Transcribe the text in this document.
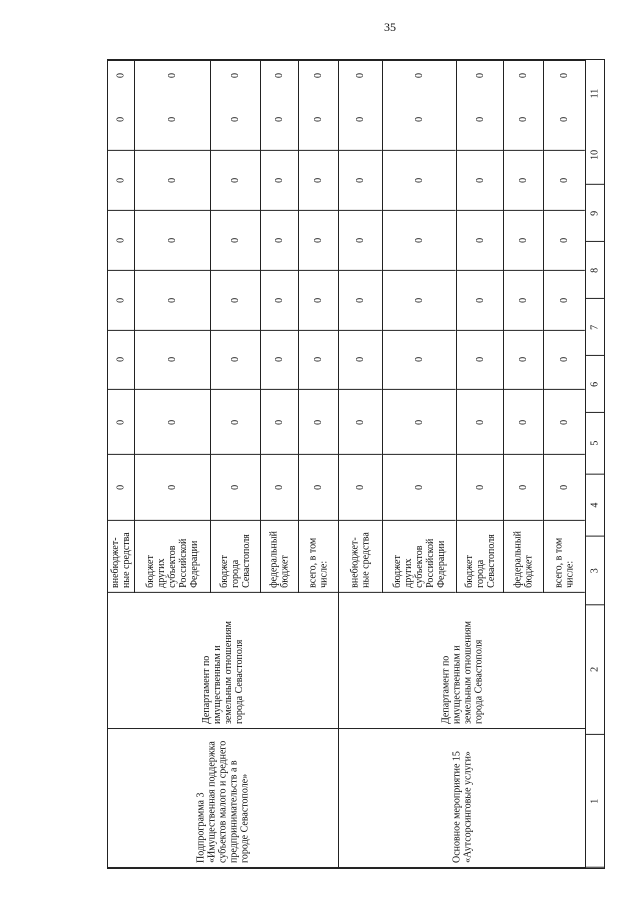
35
1
2
3
4
5
6
7
8
9
10
11
Основное мероприятие 15 «Аутсорсинговые услуги»
Департамент по имущественным и земельным отношениям города Севастополя
всего, в том числе:
0
0
0
0
0
0
0
0
федеральный бюджет
0
0
0
0
0
0
0
0
бюджет города Севастополя
0
0
0
0
0
0
0
0
бюджет других субъектов Российской Федерации
0
0
0
0
0
0
0
0
внебюджет-ные средства
0
0
0
0
0
0
0
0
Подпрограмма 3 «Имущественная поддержка субъектов малого и среднего предпринимательств а в городе Севастополе»
Департамент по имущественным и земельным отношениям города Севастополя
всего, в том числе:
0
0
0
0
0
0
0
0
федеральный бюджет
0
0
0
0
0
0
0
0
бюджет города Севастополя
0
0
0
0
0
0
0
0
бюджет других субъектов Российской Федерации
0
0
0
0
0
0
0
0
внебюджет-ные средства
0
0
0
0
0
0
0
0
